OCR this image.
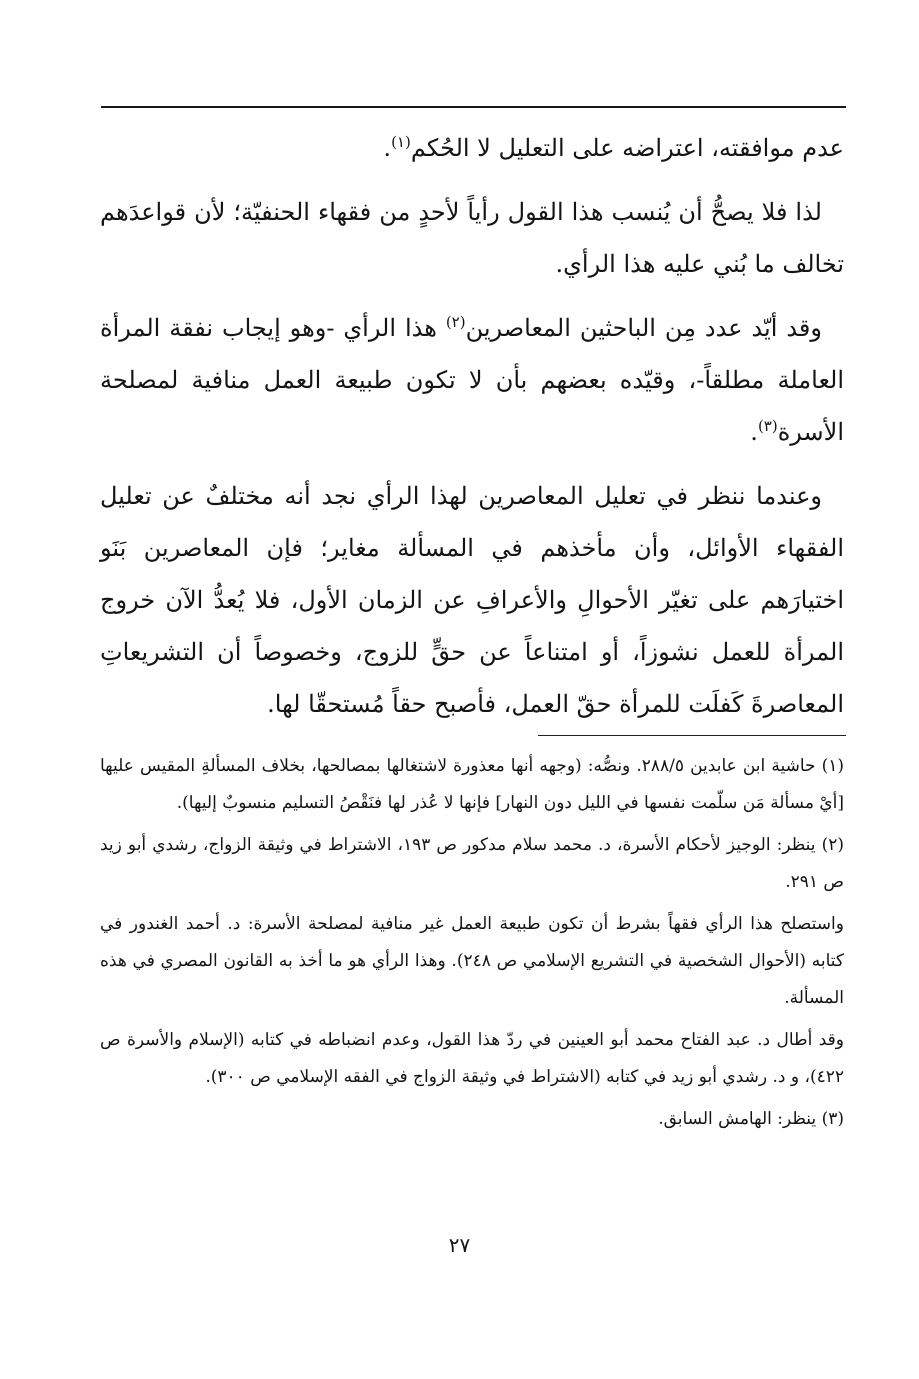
عدم موافقته، اعتراضه على التعليل لا الحُكم$^{(١)}$.

لذا فلا يصحُّ أن يُنسب هذا القول رأياً لأحدٍ من فقهاء الحنفيّة؛ لأن قواعدَهم تخالف ما بُني عليه هذا الرأي.

وقد أيّد عدد مِن الباحثين المعاصرين$^{(٢)}$ هذا الرأي -وهو إيجاب نفقة المرأة العاملة مطلقاً-، وقيّده بعضهم بأن لا تكون طبيعة العمل منافية لمصلحة الأسرة$^{(٣)}$.

وعندما ننظر في تعليل المعاصرين لهذا الرأي نجد أنه مختلفٌ عن تعليل الفقهاء الأوائل، وأن مأخذهم في المسألة مغاير؛ فإن المعاصرين بَنَو اختيارَهم على تغيّر الأحوالِ والأعرافِ عن الزمان الأول، فلا يُعدُّ الآن خروج المرأة للعمل نشوزاً، أو امتناعاً عن حقٍّ للزوج، وخصوصاً أن التشريعاتِ المعاصرةَ كَفلَت للمرأة حقّ العمل، فأصبح حقاً مُستحقّا لها.

(١) حاشية ابن عابدين ٢٨٨/٥. ونصُّه: (وجهه أنها معذورة لاشتغالها بمصالحها، بخلاف المسألةِ المقيس عليها [أيْ مسألة مَن سلّمت نفسها في الليل دون النهار] فإنها لا عُذر لها فنَقْصُ التسليم منسوبٌ إليها).

(٢) ينظر: الوجيز لأحكام الأسرة، د. محمد سلام مدكور ص ١٩٣، الاشتراط في وثيقة الزواج، رشدي أبو زيد ص ٢٩١.

واستصلح هذا الرأي فقهاً بشرط أن تكون طبيعة العمل غير منافية لمصلحة الأسرة: د. أحمد الغندور في كتابه (الأحوال الشخصية في التشريع الإسلامي ص ٢٤٨). وهذا الرأي هو ما أخذ به القانون المصري في هذه المسألة.

وقد أطال د. عبد الفتاح محمد أبو العينين في ردّ هذا القول، وعدم انضباطه في كتابه (الإسلام والأسرة ص ٤٢٢)، و د. رشدي أبو زيد في كتابه (الاشتراط في وثيقة الزواج في الفقه الإسلامي ص ٣٠٠).

(٣) ينظر: الهامش السابق.

٢٧
